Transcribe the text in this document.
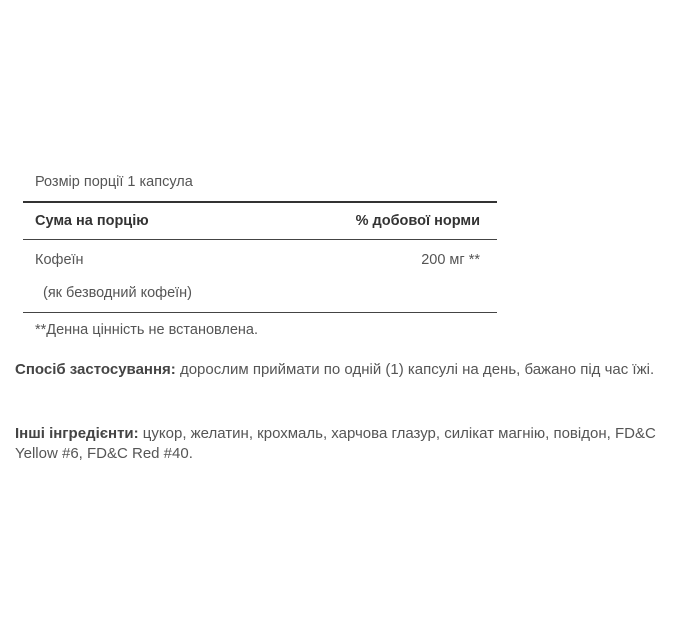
Розмір порції 1 капсула
Сума на порцію	% добової норми
Кофеїн	200 мг **
(як безводний кофеїн)
**Денна цінність не встановлена.
Спосіб застосування: дорослим приймати по одній (1) капсулі на день, бажано під час їжі.
Інші інгредієнти: цукор, желатин, крохмаль, харчова глазур, силікат магнію, повідон, FD&C Yellow #6, FD&C Red #40.
